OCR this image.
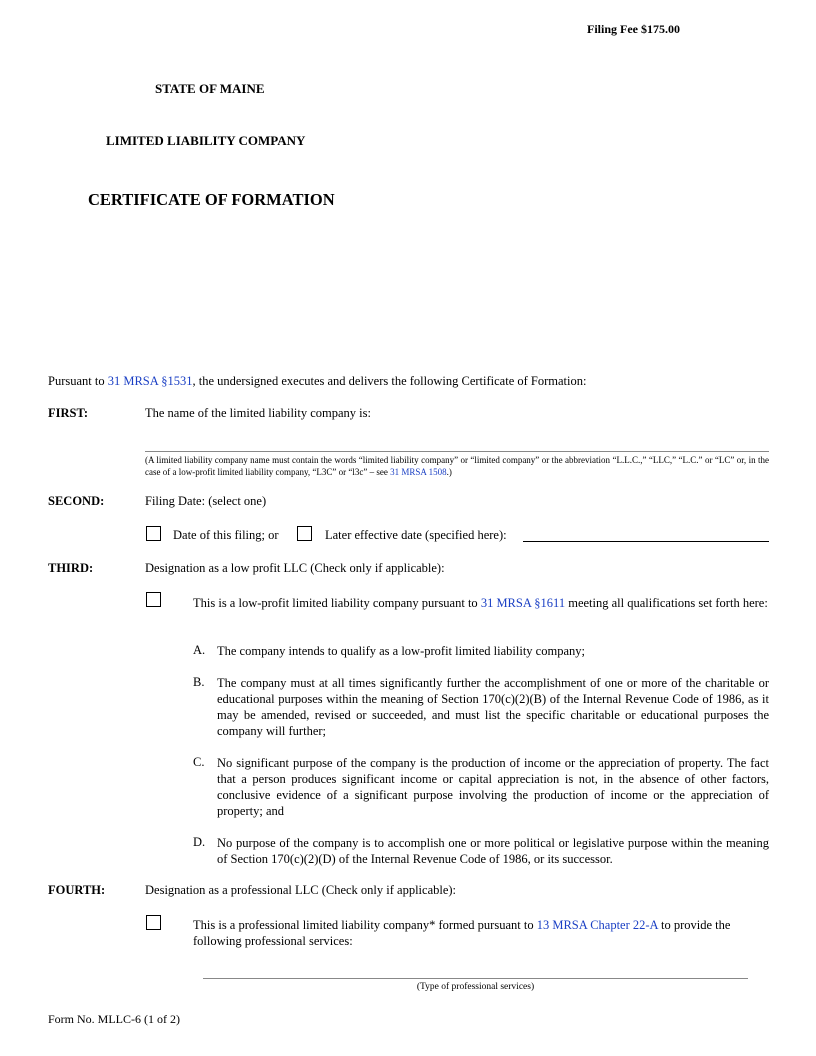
Filing Fee $175.00
STATE OF MAINE
LIMITED LIABILITY COMPANY
CERTIFICATE OF FORMATION
Pursuant to 31 MRSA §1531, the undersigned executes and delivers the following Certificate of Formation:
FIRST:	The name of the limited liability company is:
(A limited liability company name must contain the words “limited liability company” or “limited company” or the abbreviation “L.L.C.,” “LLC,” “L.C.” or “LC” or, in the case of a low-profit limited liability company, “L3C” or “l3c” – see 31 MRSA 1508.)
SECOND:	Filing Date: (select one)
Date of this filing; or	Later effective date (specified here):
THIRD:	Designation as a low profit LLC (Check only if applicable):
This is a low-profit limited liability company pursuant to 31 MRSA §1611 meeting all qualifications set forth here:
A. The company intends to qualify as a low-profit limited liability company;
B. The company must at all times significantly further the accomplishment of one or more of the charitable or educational purposes within the meaning of Section 170(c)(2)(B) of the Internal Revenue Code of 1986, as it may be amended, revised or succeeded, and must list the specific charitable or educational purposes the company will further;
C. No significant purpose of the company is the production of income or the appreciation of property. The fact that a person produces significant income or capital appreciation is not, in the absence of other factors, conclusive evidence of a significant purpose involving the production of income or the appreciation of property; and
D. No purpose of the company is to accomplish one or more political or legislative purpose within the meaning of Section 170(c)(2)(D) of the Internal Revenue Code of 1986, or its successor.
FOURTH:	Designation as a professional LLC (Check only if applicable):
This is a professional limited liability company* formed pursuant to 13 MRSA Chapter 22-A to provide the following professional services:
(Type of professional services)
Form No. MLLC-6 (1 of 2)
